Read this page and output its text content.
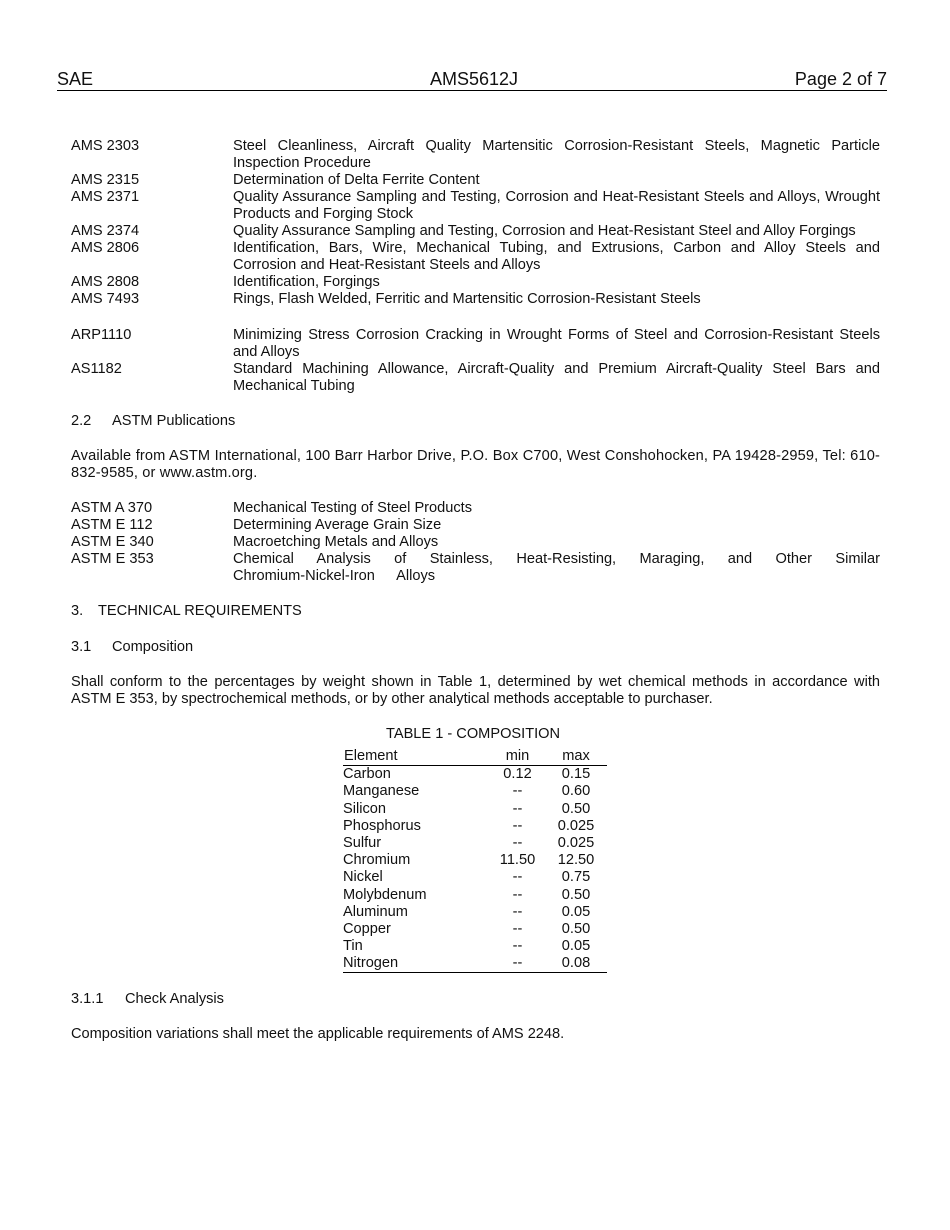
SAE	AMS5612J	Page 2 of 7
AMS 2303	Steel Cleanliness, Aircraft Quality Martensitic Corrosion-Resistant Steels, Magnetic Particle Inspection Procedure
AMS 2315	Determination of Delta Ferrite Content
AMS 2371	Quality Assurance Sampling and Testing, Corrosion and Heat-Resistant Steels and Alloys, Wrought Products and Forging Stock
AMS 2374	Quality Assurance Sampling and Testing, Corrosion and Heat-Resistant Steel and Alloy Forgings
AMS 2806	Identification, Bars, Wire, Mechanical Tubing, and Extrusions, Carbon and Alloy Steels and Corrosion and Heat-Resistant Steels and Alloys
AMS 2808	Identification, Forgings
AMS 7493	Rings, Flash Welded, Ferritic and Martensitic Corrosion-Resistant Steels
ARP1110	Minimizing Stress Corrosion Cracking in Wrought Forms of Steel and Corrosion-Resistant Steels and Alloys
AS1182	Standard Machining Allowance, Aircraft-Quality and Premium Aircraft-Quality Steel Bars and Mechanical Tubing
2.2 ASTM Publications
Available from ASTM International, 100 Barr Harbor Drive, P.O. Box C700, West Conshohocken, PA 19428-2959, Tel: 610-832-9585, or www.astm.org.
ASTM A 370	Mechanical Testing of Steel Products
ASTM E 112	Determining Average Grain Size
ASTM E 340	Macroetching Metals and Alloys
ASTM E 353	Chemical Analysis of Stainless, Heat-Resisting, Maraging, and Other Similar Chromium-Nickel-Iron Alloys
3. TECHNICAL REQUIREMENTS
3.1 Composition
Shall conform to the percentages by weight shown in Table 1, determined by wet chemical methods in accordance with ASTM E 353, by spectrochemical methods, or by other analytical methods acceptable to purchaser.
TABLE 1 - COMPOSITION
Element	min	max
Carbon	0.12	0.15
Manganese	--	0.60
Silicon	--	0.50
Phosphorus	--	0.025
Sulfur	--	0.025
Chromium	11.50	12.50
Nickel	--	0.75
Molybdenum	--	0.50
Aluminum	--	0.05
Copper	--	0.50
Tin	--	0.05
Nitrogen	--	0.08
3.1.1 Check Analysis
Composition variations shall meet the applicable requirements of AMS 2248.
